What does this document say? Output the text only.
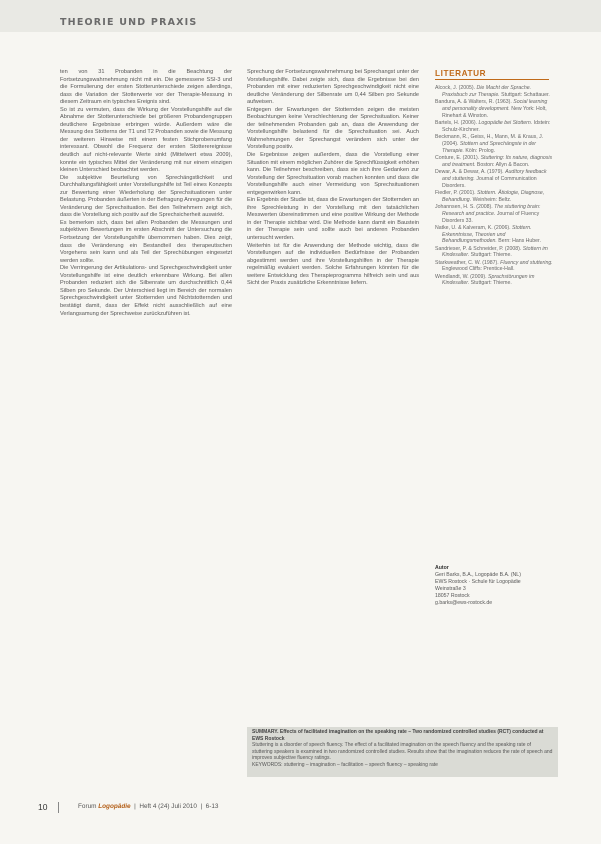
THEORIE UND PRAXIS

ten von 31 Probanden in die Beachtung der Fortsetzungswahrnehmung nicht mit ein. Die gemessene SSI-3 und die Formulierung der ersten Stotterunterschiede zeigen allerdings, dass die Variation der Stotterwerte vor der Therapie-Messung in diesem Zeitraum ein typisches Ereignis sind.

So ist zu vermuten, dass die Wirkung der Vorstellungshilfe auf die Abnahme der Stotterunterschiede bei größeren Probandengruppen deutlichere Ergebnisse erbringen würde. Außerdem wäre die Messung des Stotterns der T1 und T2 Probanden sowie die Messung der weiteren Hinweise mit einem festen Stichprobenumfang interessant. Obwohl die Frequenz der ersten Stotterereignisse deutlich auf nicht-relevante Werte sinkt (Mittelwert etwa 2009), konnte ein typisches Mittel der Veränderung mit nur einem einzigen kleinen Unterschied beobachtet werden.

Die subjektive Beurteilung von Sprechängstlichkeit und Durchhaltungsfähigkeit unter Vorstellungshilfe ist Teil eines Konzepts zur Bewertung einer Wiederholung der Sprechsituationen unter Belastung. Probanden äußerten in der Befragung Anregungen für die Veränderung der Sprechsituation. Bei den Teilnehmern zeigt sich, dass die Vorstellung sich positiv auf die Sprechsicherheit auswirkt.

Es bemerken sich, dass bei allen Probanden die Messungen und subjektiven Bewertungen im ersten Abschnitt der Untersuchung die Fortsetzung der Vorstellungshilfe übernommen haben. Dies zeigt, dass die Veränderung ein Bestandteil des therapeutischen Vorgehens sein kann und als Teil der Sprechübungen eingesetzt werden sollte.

Die Verringerung der Artikulations- und Sprechgeschwindigkeit unter Vorstellungshilfe ist eine deutlich erkennbare Wirkung. Bei allen Probanden reduziert sich die Silbenrate um durchschnittlich 0,44 Silben pro Sekunde. Der Unterschied liegt im Bereich der normalen Sprechgeschwindigkeit unter Stotternden und Nichtstotternden und bestätigt damit, dass der Effekt nicht ausschließlich auf eine Verlangsamung der Sprechweise zurückzuführen ist.

Sprechung der Fortsetzungswahrnehmung bei Sprechangst unter der Vorstellungshilfe. Dabei zeigte sich, dass die Ergebnisse bei den Probanden mit einer reduzierten Sprechgeschwindigkeit nicht eine deutliche Veränderung der Silbenrate um 0,44 Silben pro Sekunde aufweisen.

Entgegen der Erwartungen der Stotternden zeigen die meisten Beobachtungen keine Verschlechterung der Sprechsituation. Keiner der teilnehmenden Probanden gab an, dass die Anwendung der Vorstellungshilfe belastend für die Sprechsituation sei. Auch Wahrnehmungen der Sprechangst verändern sich unter der Vorstellung positiv.

Die Ergebnisse zeigen außerdem, dass die Vorstellung einer Situation mit einem möglichen Zuhörer die Sprechflüssigkeit erhöhen kann. Die Teilnehmer beschreiben, dass sie sich ihre Gedanken zur Vorstellung der Sprechsituation vorab machen konnten und dass die Vorstellungshilfe auch einer Vermeidung von Sprechsituationen entgegenwirken kann.

Ein Ergebnis der Studie ist, dass die Erwartungen der Stotternden an ihre Sprechleistung in der Vorstellung mit den tatsächlichen Messwerten übereinstimmen und eine positive Wirkung der Methode in der Therapie sichtbar wird. Die Methode kann damit ein Baustein in der Therapie sein und sollte auch bei anderen Probanden untersucht werden.

Weiterhin ist für die Anwendung der Methode wichtig, dass die Vorstellungen auf die individuellen Bedürfnisse der Probanden abgestimmt werden und ihre Vorstellungshilfen in der Therapie regelmäßig evaluiert werden. Solche Erfahrungen könnten für die weitere Entwicklung des Therapieprogramms hilfreich sein und aus Sicht der Praxis zusätzliche Erkenntnisse liefern.

LITERATUR
Alcock, J. (2005). Die Macht der Sprache. Praxisbuch zur Therapie. Stuttgart: Schattauer.
Bandura, A. & Walters, R. (1963). Social learning and personality development. New York: Holt, Rinehart & Winston.
Bartels, H. (2006). Logopädie bei Stottern. Idstein: Schulz-Kirchner.
Beckmann, R., Geiss, H., Mann, M. & Kraus, J. (2004). Stottern und Sprechängste in der Therapie. Köln: Prolog.
Conture, E. (2001). Stuttering: Its nature, diagnosis and treatment. Boston: Allyn & Bacon.
Dewar, A. & Dewar, A. (1979). Auditory feedback and stuttering. Journal of Communication Disorders.
Fiedler, P. (2001). Stottern. Ätiologie, Diagnose, Behandlung. Weinheim: Beltz.
Johannsen, H. S. (2008). The stuttering brain: Research and practice. Journal of Fluency Disorders 33.
Natke, U. & Kalveram, K. (2006). Stottern. Erkenntnisse, Theorien und Behandlungsmethoden. Bern: Hans Huber.
Sandrieser, P. & Schneider, P. (2008). Stottern im Kindesalter. Stuttgart: Thieme.
Starkweather, C. W. (1987). Fluency and stuttering. Englewood Cliffs: Prentice-Hall.
Wendlandt, W. (2009). Sprachstörungen im Kindesalter. Stuttgart: Thieme.
Autor
Geri Barks, B.A., Logopäde B.A. (NL)
EWS Rostock · Schule für Logopädie
Weinstraße 3
18057 Rostock
g.barks@ews-rostock.de
SUMMARY. Effects of facilitated imagination on the speaking rate – Two randomized controlled studies (RCT) conducted at EWS Rostock
Stuttering is a disorder of speech fluency. The effect of a facilitated imagination on the speech fluency and the speaking rate of stuttering speakers is examined in two randomized controlled studies. Results show that the imagination reduces the rate of speech and improves subjective fluency ratings.
KEYWORDS: stuttering – imagination – facilitation – speech fluency – speaking rate
10	Forum Logopädie  |  Heft 4 (24) Juli 2010  |  6-13
